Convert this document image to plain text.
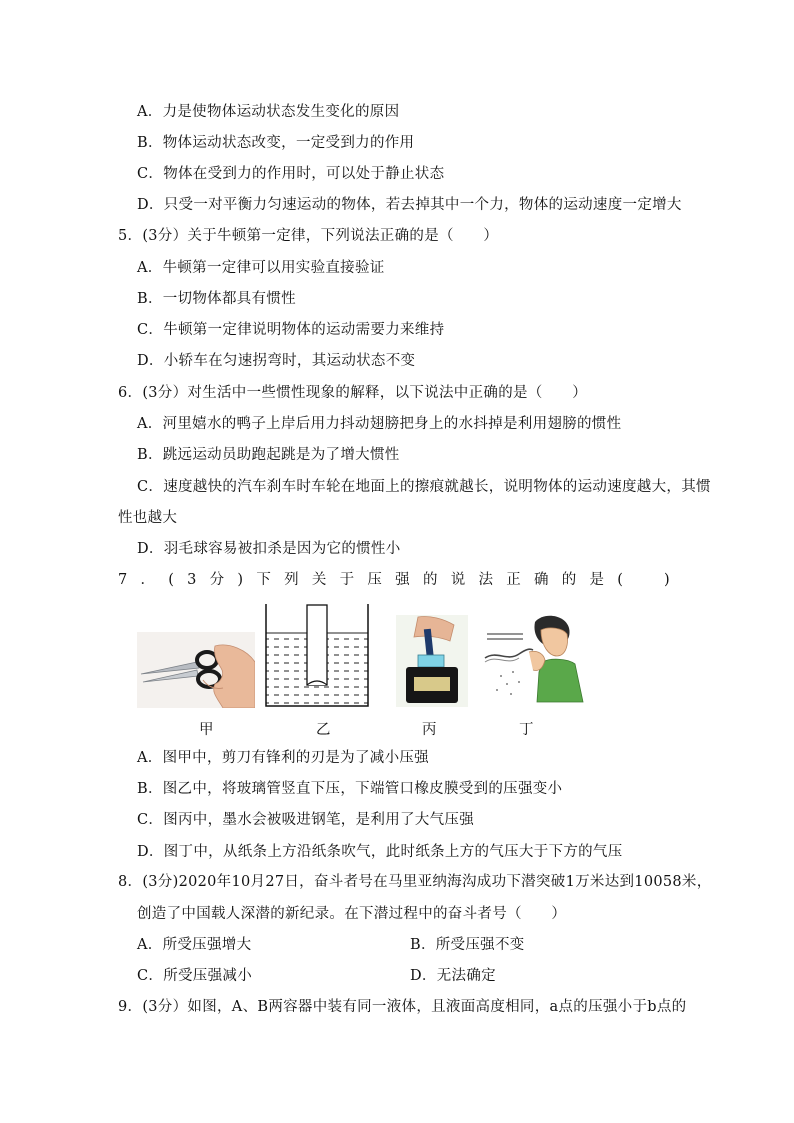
A．力是使物体运动状态发生变化的原因
B．物体运动状态改变，一定受到力的作用
C．物体在受到力的作用时，可以处于静止状态
D．只受一对平衡力匀速运动的物体，若去掉其中一个力，物体的运动速度一定增大
5．(3分）关于牛顿第一定律，下列说法正确的是（　　）
A．牛顿第一定律可以用实验直接验证
B．一切物体都具有惯性
C．牛顿第一定律说明物体的运动需要力来维持
D．小轿车在匀速拐弯时，其运动状态不变
6．(3分）对生活中一些惯性现象的解释，以下说法中正确的是（　　）
A．河里嬉水的鸭子上岸后用力抖动翅膀把身上的水抖掉是利用翅膀的惯性
B．跳远运动员助跑起跳是为了增大惯性
C．速度越快的汽车刹车时车轮在地面上的擦痕就越长，说明物体的运动速度越大，其惯
性也越大
D．羽毛球容易被扣杀是因为它的惯性小
7 ． ( 3 分 ) 下 列 关 于 压 强 的 说 法 正 确 的 是 (
　	)
甲	乙	丙	丁
A．图甲中，剪刀有锋利的刃是为了减小压强
B．图乙中，将玻璃管竖直下压，下端管口橡皮膜受到的压强变小
C．图丙中，墨水会被吸进钢笔，是利用了大气压强
D．图丁中，从纸条上方沿纸条吹气，此时纸条上方的气压大于下方的气压
8．(3分)2020年10月27日，奋斗者号在马里亚纳海沟成功下潜突破1万米达到10058米，
创造了中国载人深潜的新纪录。在下潜过程中的奋斗者号（　　）
A．所受压强增大	B．所受压强不变
C．所受压强减小	D．无法确定
9．(3分）如图，A、B两容器中装有同一液体，且液面高度相同，a点的压强小于b点的
